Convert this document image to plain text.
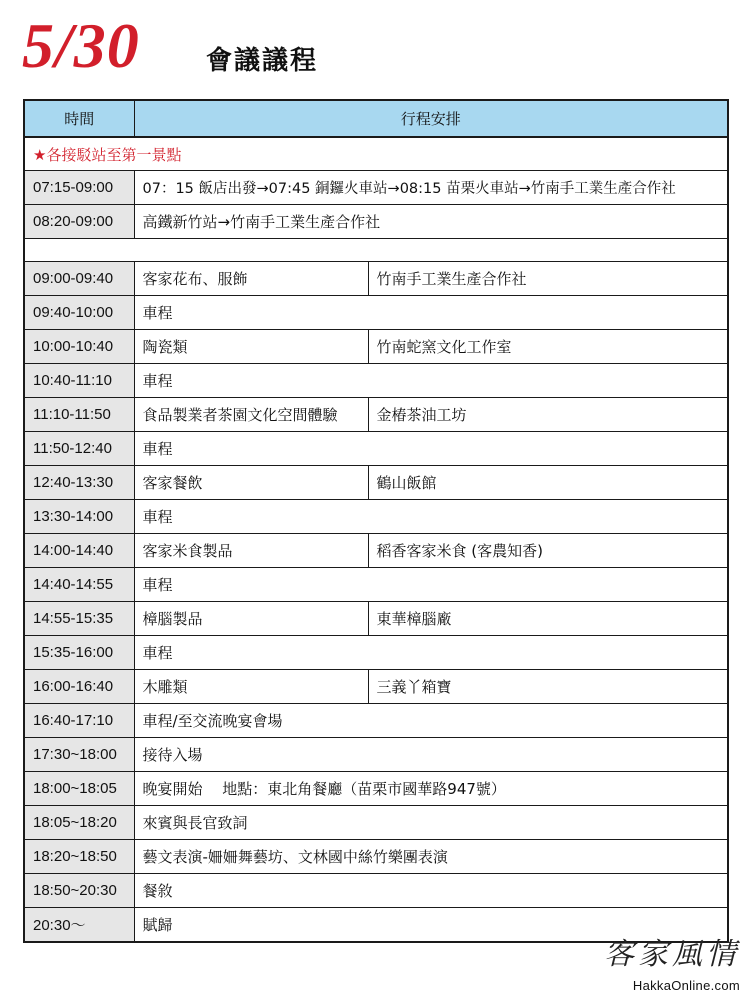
5/30	會議議程
時間	行程安排	
★各接駁站至第一景點		
07:15-09:00	07：15 飯店出發→07:45 銅鑼火車站→08:15 苗栗火車站→竹南手工業生產合作社	
08:20-09:00	高鐵新竹站→竹南手工業生產合作社	

09:00-09:40	客家花布、服飾	竹南手工業生產合作社
09:40-10:00	車程	
10:00-10:40	陶瓷類	竹南蛇窯文化工作室
10:40-11:10	車程	
11:10-11:50	食品製業者茶園文化空間體驗	金椿茶油工坊
11:50-12:40	車程	
12:40-13:30	客家餐飲	鶴山飯館
13:30-14:00	車程	
14:00-14:40	客家米食製品	稻香客家米食 (客農知香)
14:40-14:55	車程	
14:55-15:35	樟腦製品	東華樟腦廠
15:35-16:00	車程	
16:00-16:40	木雕類	三義丫箱寶
16:40-17:10	車程/至交流晚宴會場	
17:30~18:00	接待入場	
18:00~18:05	晚宴開始　 地點：東北角餐廳（苗栗市國華路947號）	
18:05~18:20	來賓與長官致詞	
18:20~18:50	藝文表演-姍姍舞藝坊、文林國中絲竹樂團表演	
18:50~20:30	餐敘	
20:30～	賦歸	
客家風情
HakkaOnline.com
